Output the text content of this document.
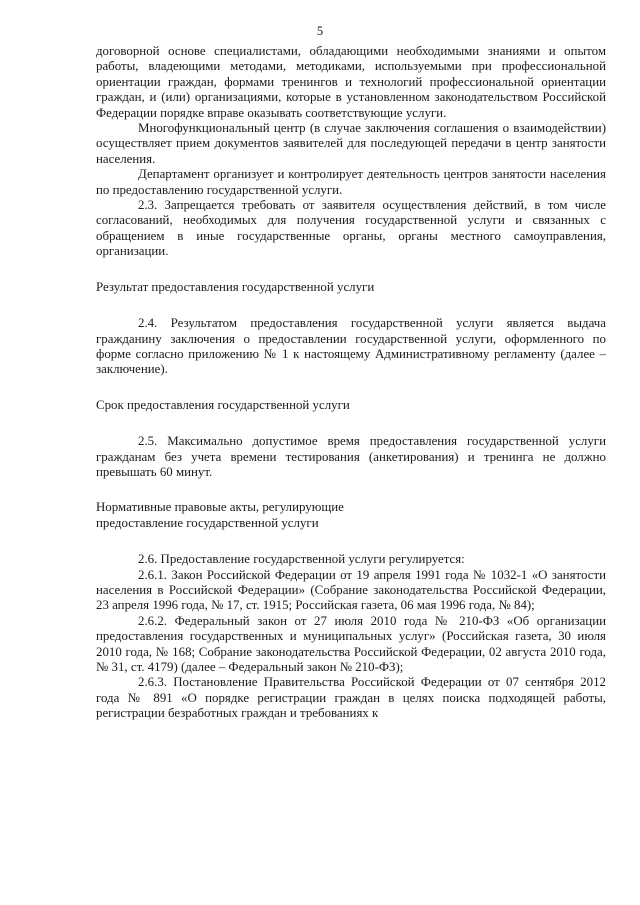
5

договорной основе специалистами, обладающими необходимыми знаниями и опытом работы, владеющими методами, методиками, используемыми при профессиональной ориентации граждан, формами тренингов и технологий профессиональной ориентации граждан, и (или) организациями, которые в установленном законодательством Российской Федерации порядке вправе оказывать соответствующие услуги.

Многофункциональный центр (в случае заключения соглашения о взаимодействии) осуществляет прием документов заявителей для последующей передачи в центр занятости населения.

Департамент организует и контролирует деятельность центров занятости населения по предоставлению государственной услуги.

2.3. Запрещается требовать от заявителя осуществления действий, в том числе согласований, необходимых для получения государственной услуги и связанных с обращением в иные государственные органы, органы местного самоуправления, организации.

Результат предоставления государственной услуги

2.4. Результатом предоставления государственной услуги является выдача гражданину заключения о предоставлении государственной услуги, оформленного по форме согласно приложению № 1 к настоящему Административному регламенту (далее – заключение).

Срок предоставления государственной услуги

2.5. Максимально допустимое время предоставления государственной услуги гражданам без учета времени тестирования (анкетирования) и тренинга не должно превышать 60 минут.

Нормативные правовые акты, регулирующие
предоставление государственной услуги

2.6. Предоставление государственной услуги регулируется:

2.6.1. Закон Российской Федерации от 19 апреля 1991 года № 1032-1 «О занятости населения в Российской Федерации» (Собрание законодательства Российской Федерации, 23 апреля 1996 года, № 17, ст. 1915; Российская газета, 06 мая 1996 года, № 84);

2.6.2. Федеральный закон от 27 июля 2010 года № 210-ФЗ «Об организации предоставления государственных и муниципальных услуг» (Российская газета, 30 июля 2010 года, № 168; Собрание законодательства Российской Федерации, 02 августа 2010 года, № 31, ст. 4179) (далее – Федеральный закон № 210-ФЗ);

2.6.3. Постановление Правительства Российской Федерации от 07 сентября 2012 года № 891 «О порядке регистрации граждан в целях поиска подходящей работы, регистрации безработных граждан и требованиях к
